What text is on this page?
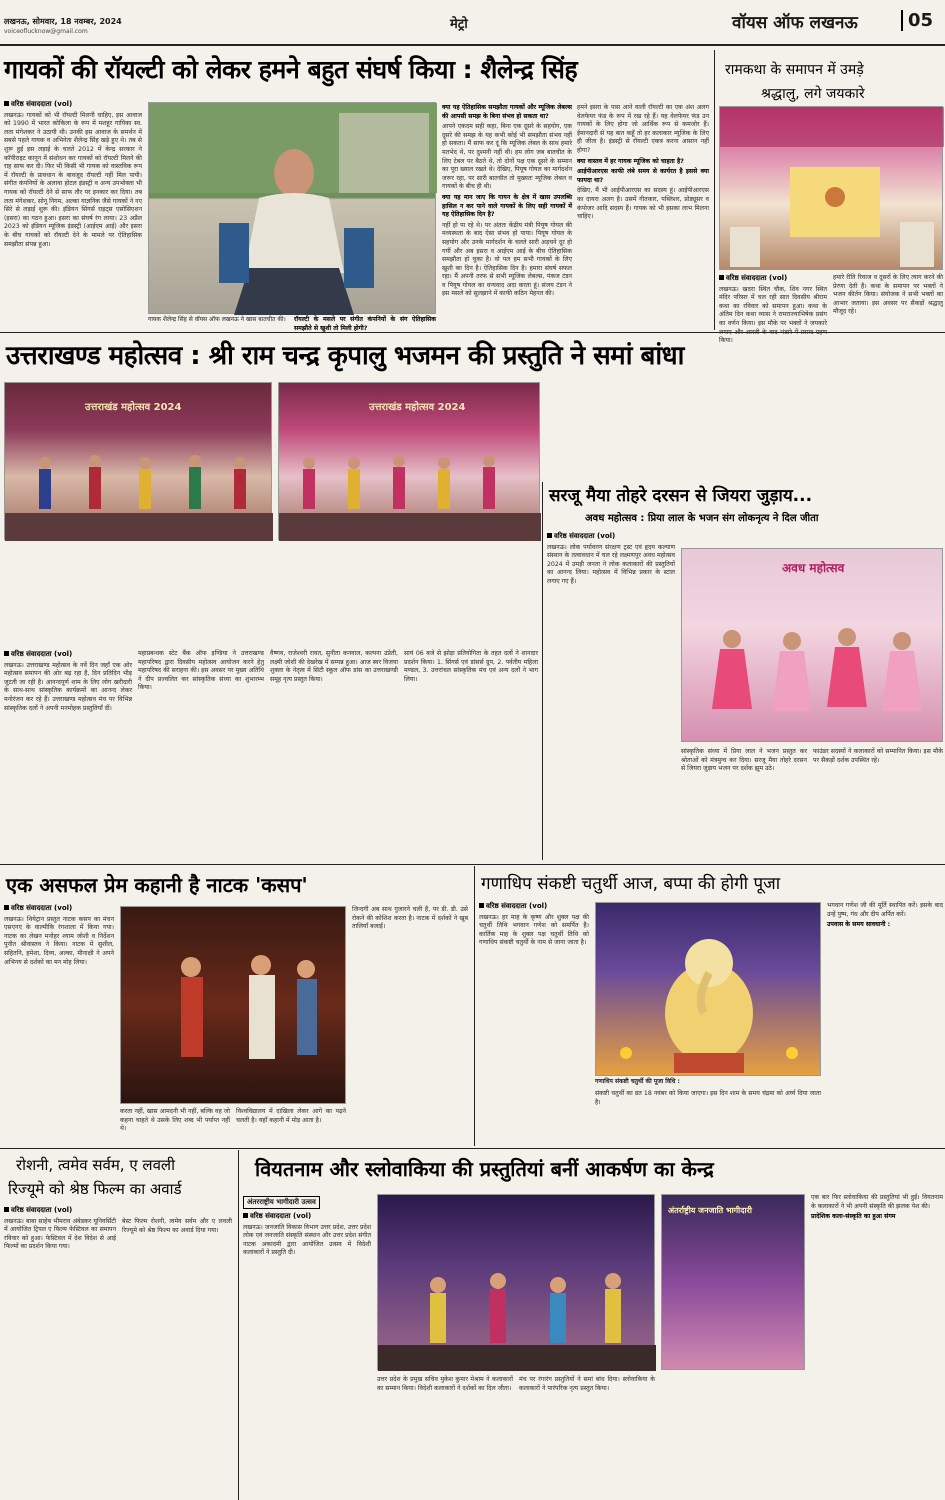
लखनऊ, सोमवार, 18 नवम्बर, 2024
voiceoflucknow@gmail.com	मेट्रो	वॉयस ऑफ लखनऊ	05
गायकों की रॉयल्टी को लेकर हमने बहुत संघर्ष किया : शैलेन्द्र सिंह
वरिष्ठ संवाददाता (vol)

लखनऊ। गायकों को भी रॉयल्टी मिलनी चाहिए, इस आवाज को 1990 में भारत कोकिला के रूप में मशहूर गायिका स्व. लता मंगेशकर ने उठायी थी। उनकी इस आवाज के समर्थन में सबसे पहले गायक व अभिनेता शैलेन्द्र सिंह खड़े हुए थे। तब से शुरू हुई इस लड़ाई के चलते 2012 में केन्द्र सरकार ने कॉपीराइट कानून में संशोधन कर गायकों को रॉयल्टी मिलने की राह साफ कर दी। फिर भी किसी भी गायक को वास्तविक रूप में रॉयल्टी के प्रावधान के बावजूद रॉयल्टी नहीं मिल पायी। संगीत कंपनियों के अलावा होटल इंडस्ट्री व अन्य उपभोक्ता भी गायक को रॉयल्टी देने से साफ तौर पर इनकार कर दिया। तब लता मंगेशकर, सोनू निगम, अल्का याज्ञनिक जैसे गायकों ने नए सिरे से लड़ाई शुरू की। इंडियन सिंगर्स राइट्स एसोसिएशन (इसरा) का गठन हुआ। इसरा का संघर्ष रंग लाया। 23 अप्रैल 2023 को इंडियन म्यूजिक इंडस्ट्री (आईएम आई) और इसरा के बीच गायकों को रॉयल्टी देने के मामले पर ऐतिहासिक समझौता संपन्न हुआ।

गायक शैलेन्द्र सिंह से वॉयस ऑफ लखनऊ ने खास बातचीत की।	रॉयल्टी के मसले पर संगीत कंपनियों के संग ऐतिहासिक समझौते से खुशी तो मिली होगी?

क्या यह ऐतिहासिक समझौता गायकों और म्यूजिक लेबल्स की आपसी समझ के बिना संभव हो सकता था?

आपने एकदम सही कहा, बिना एक दूसरे के सहयोग, एक दूसरे की समझ के यह कभी कोई भी समझौता संभव नहीं हो सकता। मैं साफ कर दूं कि म्यूजिक लेबल के साथ हमारे मतभेद थे, पर दुश्मनी नहीं थी। हम लोग जब बातचीत के लिए टेबल पर बैठते थे, तो दोनों पक्ष एक दूसरे के सम्मान का पूरा ख्याल रखते थे। देखिए, पियूष गोयल का मार्गदर्शन जरूर रहा, पर सारी बातचीत तो मुख्यतः म्यूजिक लेबल व गायकों के बीच ही थी।

क्या यह मान जाए कि गायन के क्षेत्र में खास उपलब्धि हासिल न कर पाने वाले गायकों के लिए सही गायकों में यह ऐतिहासिक दिन है?

नहीं हो पा रहे थे। पर अंततः केंद्रीय मंत्री पियूष गोयल की मध्यस्थता के बाद ऐसा संभव हो पाया। पियूष गोयल के सहयोग और उनके मार्गदर्शन के चलते सारी अड़चने दूर हो गयीं और अब इसरा व आईएम आई के बीच ऐतिहासिक समझौता हो चुका है। वो पल हम सभी गायकों के लिए खुशी का दिन है। ऐतिहासिक दिन है। हमारा संघर्ष सफल रहा। मैं अपनी तरफ से सभी म्यूजिक लेबल्स, पंकज टंडन व पियूष गोयल का धन्यवाद अदा करता हूं। संजय टंडन ने इस मसले को सुलझाने में काफी कठिन मेहनत की।

हमने इसरा के पास आने वाली रॉयल्टी का एक अंश अलग वेलफेयर फंड के रूप में रख रहे हैं। यह वेलफेयर फंड उन गायकों के लिए होगा जो आर्थिक रूप से कमजोर हैं। ईमानदारी से यह बात कहूँ तो हर कलाकार म्यूजिक के लिए ही जीता है। इंडस्ट्री से रॉयल्टी एकत्र करना आसान नहीं होगा?

क्या वास्तव में हर गायक म्यूजिक को चाहता है?

आईपीआरएस काफी लंबे समय से कार्यरत है इससे क्या फायदा था?

देखिए, मैं भी आईपीआरएस का सदस्य हूं। आईपीआरएस का दायरा अलग है। उसमें गीतकार, पब्लिशर, प्रोड्यूसर व कंपोजर आदि सदस्य हैं। गायक को भी इसका लाभ मिलना चाहिए।

रामकथा के समापन में उमड़े
श्रद्धालु, लगे जयकारे
वरिष्ठ संवाददाता (vol)

लखनऊ। खदरा स्थित चौक, शिव नगर स्थित मंदिर परिसर में चल रही सात दिवसीय श्रीराम कथा का रविवार को समापन हुआ। कथा के अंतिम दिन कथा व्यास ने रामराज्याभिषेक प्रसंग का वर्णन किया। इस मौके पर भक्तों ने जयकारे किया।

हमारे रीति रिवाज व दूसरों के लिए त्याग करने की प्रेरणा देती है। कथा के समापन पर भक्तों ने भजन कीर्तन किया। संयोजक ने सभी भक्तों का आभार जताया। इस अवसर पर सैकड़ों श्रद्धालु मौजूद रहे।

उत्तराखण्ड महोत्सव : श्री राम चन्द्र कृपालु भजमन की प्रस्तुति ने समां बांधा
उत्तराखंड महोत्सव 2024	उत्तराखंड महोत्सव 2024
वरिष्ठ संवाददाता (vol)

लखनऊ। उत्तराखण्ड महोत्सव के नवें दिन जहाँ एक ओर महोत्सव समापन की ओर बढ़ रहा है, दिन प्रतिदिन भीड़ जुटती जा रही है। आनन्दपूर्ण शाम के लिए लोग खरीदारी के साथ-साथ सांस्कृतिक कार्यक्रमों का आनन्द लेकर मनोरंजन कर रहे हैं। उत्तराखण्ड महोत्सव मंच पर विभिन्न सांस्कृतिक दलों ने अपनी मनमोहक प्रस्तुतियाँ दीं।

महाप्रबन्धक स्टेट बैंक ऑफ इण्डिया ने उत्तराखण्ड महापरिषद द्वारा दिवसीय महोत्सव आयोजन करने हेतु महापरिषद की सराहना की। इस अवसर पर मुख्य अतिथि ने दीप प्रज्वलित कर सांस्कृतिक संध्या का शुभारम्भ किया।

वैष्णव, राजेश्वरी रावत, सुनीता कनवाल, कल्पना उप्रेती, लक्ष्मी जोशी की देखरेख में सम्पन्न हुआ। आज स्वर विजया शुक्ला के नेतृत्व में सिटी स्कूल ऑफ डांस का उत्तराखण्डी समूह नृत्य प्रस्तुत किया।

सायं 06 बजे से झोड़ा प्रतियोगिता के तहत दलों ने शानदार प्रदर्शन किया। 1. सिंगर्स एवं डांसर्स ग्रुप, 2. पर्वतीय महिला मण्डल, 3. उत्तरांचल सांस्कृतिक मंच एवं अन्य दलों ने भाग लिया।

सरजू मैया तोहरे दरसन से जियरा जुड़ाय...
अवध महोत्सव : प्रिया लाल के भजन संग लोकनृत्य ने दिल जीता
वरिष्ठ संवाददाता (vol)

लखनऊ। लोक पर्यावरण संरक्षण ट्रस्ट एवं हृदय कल्याण संस्थान के तत्वावधान में चल रहे लक्ष्मणपुर अवध महोत्सव 2024 में उमड़ी जनता ने लोक कलाकारों की प्रस्तुतियों का आनन्द लिया। महोत्सव में विभिन्न प्रकार के स्टाल लगाए गए हैं।

अवध महोत्सव

सांस्कृतिक संध्या में प्रिया लाल ने भजन प्रस्तुत कर श्रोताओं को मंत्रमुग्ध कर दिया। सरजू मैया तोहरे दरसन से जियरा जुड़ाय भजन पर दर्शक झूम उठे।

फाउंडर सदस्यों ने कलाकारों को सम्मानित किया। इस मौके पर सैकड़ों दर्शक उपस्थित रहे।

एक असफल प्रेम कहानी है नाटक 'कसप'
वरिष्ठ संवाददाता (vol)

लखनऊ। थियेट्रान प्रस्तुत नाटक कसप का मंचन एसएनए के वाल्मीकि रंगशाला में किया गया। नाटक का लेखन मनोहर श्याम जोशी व निर्देशन पुनीत श्रीवास्तव ने किया। नाटक में सुशील, सहितनि, हमेशा, दिव्य, अल्का, मीनाक्षी ने अपने अभिनय से दर्शकों का मन मोह लिया।

करता नहीं, खास आमदनी भी नहीं, बल्कि वह जो कहना चाहते थे उसके लिए शब्द भी पर्याप्त नहीं थे।

विश्वविद्यालय में दाखिला लेकर आगे का पढ़ने चलती है। यहाँ कहानी में मोड़ आता है।

जिन्दगी अब साथ गुजारने चली है, पर डी. डी. उसे रोकने की कोशिश करता है। नाटक में दर्शकों ने खूब तालियाँ बजाईं।

गणाधिप संकष्टी चतुर्थी आज, बप्पा की होगी पूजा
वरिष्ठ संवाददाता (vol)

लखनऊ। हर माह के कृष्ण और शुक्ल पक्ष की चतुर्थी तिथि भगवान गणेश को समर्पित है। कार्तिक माह के शुक्ल पक्ष चतुर्थी तिथि को गणाधिप संकष्टी चतुर्थी के नाम से जाना जाता है।

गणाधिप संकष्टी चतुर्थी की पूजा विधि :

संकष्टी चतुर्थी का व्रत 18 नवंबर को किया जाएगा। इस दिन शाम के समय चंद्रमा को अर्घ्य दिया जाता है।

भगवान गणेश जी की मूर्ति स्थापित करें। इसके बाद उन्हें पुष्प, गंध और दीप अर्पित करें।

उपवास के समय सावधानी :

रोशनी, त्वमेव सर्वम, ए लवली
रिज्यूमे को श्रेष्ठ फिल्म का अवार्ड
वरिष्ठ संवाददाता (vol)

लखनऊ। बाबा साहेब भीमराव अंबेडकर यूनिवर्सिटी में आयोजित ट्रिपल ए फिल्म फेस्टिवल का समापन रविवार को हुआ। फेस्टिवल में देश विदेश से आई फिल्मों का प्रदर्शन किया गया।

बेस्ट फिल्म रोशनी, त्वमेव सर्वम और ए लवली रिज्यूमे को श्रेष्ठ फिल्म का अवार्ड दिया गया।

वियतनाम और स्लोवाकिया की प्रस्तुतियां बनीं आकर्षण का केन्द्र
अंतरराष्ट्रीय भागीदारी उत्सव
वरिष्ठ संवाददाता (vol)

लखनऊ। जनजाति विकास विभाग उत्तर प्रदेश, उत्तर प्रदेश लोक एवं जनजाति संस्कृति संस्थान और उत्तर प्रदेश संगीत नाटक अकादमी द्वारा आयोजित उत्सव में विदेशी कलाकारों ने प्रस्तुति दी।

अंतर्राष्ट्रीय जनजाति भागीदारी

उत्तर प्रदेश के प्रमुख सचिव मुकेश कुमार मेश्राम ने कलाकारों का सम्मान किया। विदेशी कलाकारों ने दर्शकों का दिल जीता।

मंच पर रंगारंग प्रस्तुतियों ने समां बांध दिया। स्लोवाकिया के कलाकारों ने पारंपरिक नृत्य प्रस्तुत किया।

एक बार फिर स्लोवाकिया की प्रस्तुतियां भी हुईं। वियतनाम के कलाकारों ने भी अपनी संस्कृति की झलक पेश की।

प्रादेशिक कला-संस्कृति का हुआ संगम
